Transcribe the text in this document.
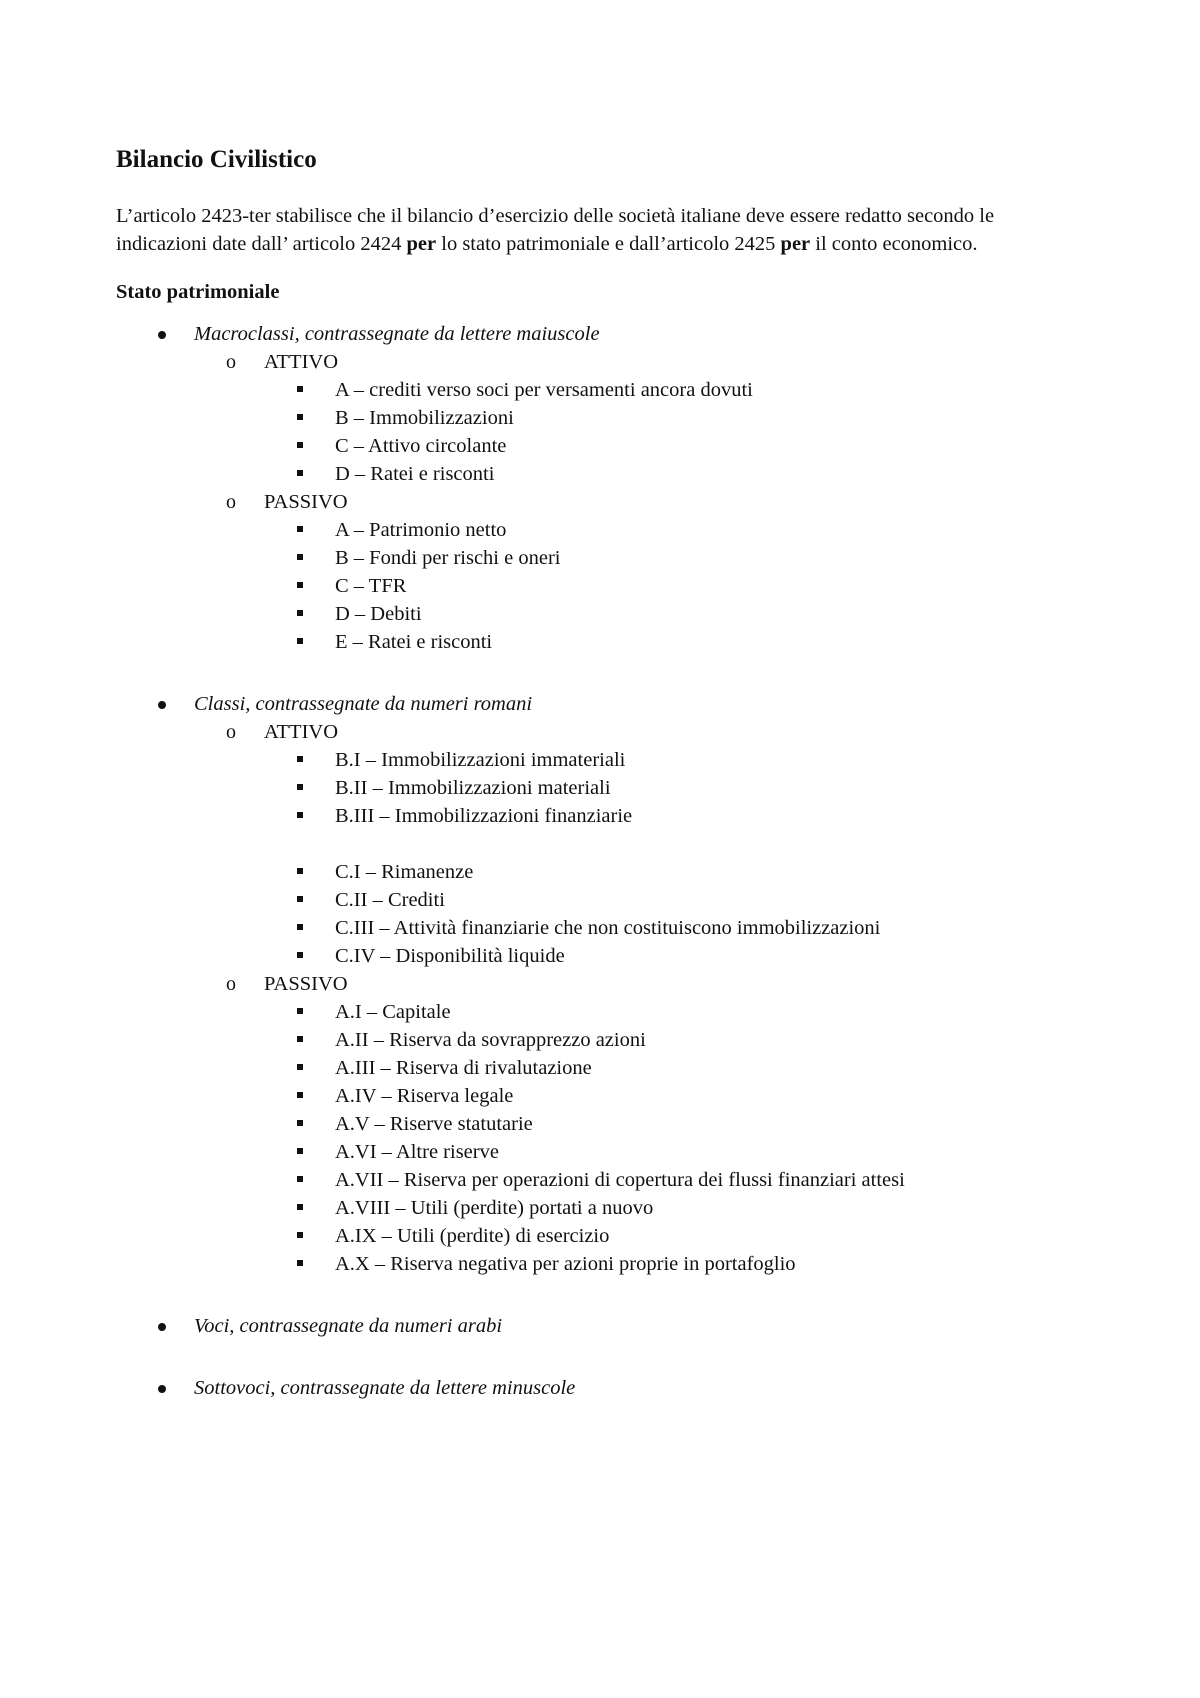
Bilancio Civilistico

L’articolo 2423-ter stabilisce che il bilancio d’esercizio delle società italiane deve essere redatto secondo le indicazioni date dall’ articolo 2424 per lo stato patrimoniale e dall’articolo 2425 per il conto economico.

Stato patrimoniale
Macroclassi, contrassegnate da lettere maiuscole
o ATTIVO
A – crediti verso soci per versamenti ancora dovuti
B – Immobilizzazioni
C – Attivo circolante
D – Ratei e risconti
o PASSIVO
A – Patrimonio netto
B – Fondi per rischi e oneri
C – TFR
D – Debiti
E – Ratei e risconti
Classi, contrassegnate da numeri romani
o ATTIVO
B.I – Immobilizzazioni immateriali
B.II – Immobilizzazioni materiali
B.III – Immobilizzazioni finanziarie
C.I – Rimanenze
C.II – Crediti
C.III – Attività finanziarie che non costituiscono immobilizzazioni
C.IV – Disponibilità liquide
o PASSIVO
A.I – Capitale
A.II – Riserva da sovrapprezzo azioni
A.III – Riserva di rivalutazione
A.IV – Riserva legale
A.V – Riserve statutarie
A.VI – Altre riserve
A.VII – Riserva per operazioni di copertura dei flussi finanziari attesi
A.VIII – Utili (perdite) portati a nuovo
A.IX – Utili (perdite) di esercizio
A.X – Riserva negativa per azioni proprie in portafoglio
Voci, contrassegnate da numeri arabi
Sottovoci, contrassegnate da lettere minuscole
